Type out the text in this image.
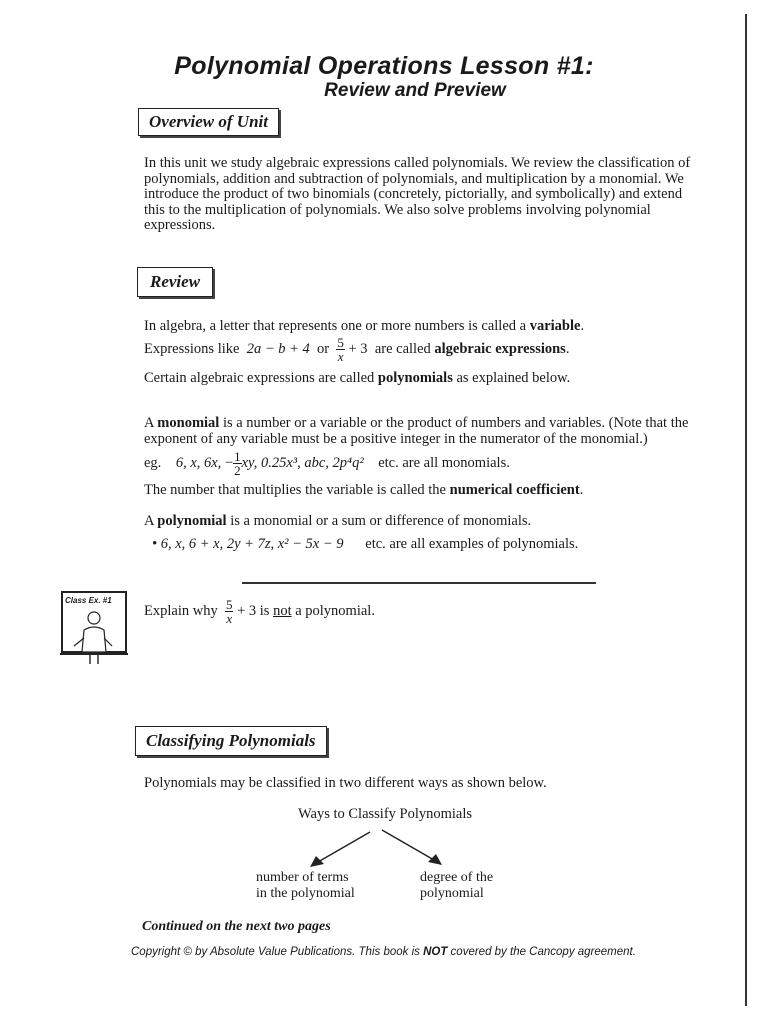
Polynomial Operations Lesson #1:
Review and Preview
Overview of Unit
In this unit we study algebraic expressions called polynomials. We review the classification of polynomials, addition and subtraction of polynomials, and multiplication by a monomial. We introduce the product of two binomials (concretely, pictorially, and symbolically) and extend this to the multiplication of polynomials. We also solve problems involving polynomial expressions.
Review
In algebra, a letter that represents one or more numbers is called a variable.
Expressions like 2a − b + 4 or $\frac{5}{x} + 3$ are called algebraic expressions.
Certain algebraic expressions are called polynomials as explained below.
A monomial is a number or a variable or the product of numbers and variables. (Note that the exponent of any variable must be a positive integer in the numerator of the monomial.)
eg. 6, x, 6x, − $\frac{1}{2}$ xy, 0.25x³, abc, 2p⁴q² etc. are all monomials.
The number that multiplies the variable is called the numerical coefficient.
A polynomial is a monomial or a sum or difference of monomials.
• 6, x, 6 + x, 2y + 7z, x² − 5x − 9 etc. are all examples of polynomials.
Class Ex. #1
Explain why $\frac{5}{x} + 3$ is not a polynomial.
Classifying Polynomials
Polynomials may be classified in two different ways as shown below.
Ways to Classify Polynomials
number of terms
in the polynomial
degree of the
polynomial
Continued on the next two pages
Copyright © by Absolute Value Publications. This book is NOT covered by the Cancopy agreement.
